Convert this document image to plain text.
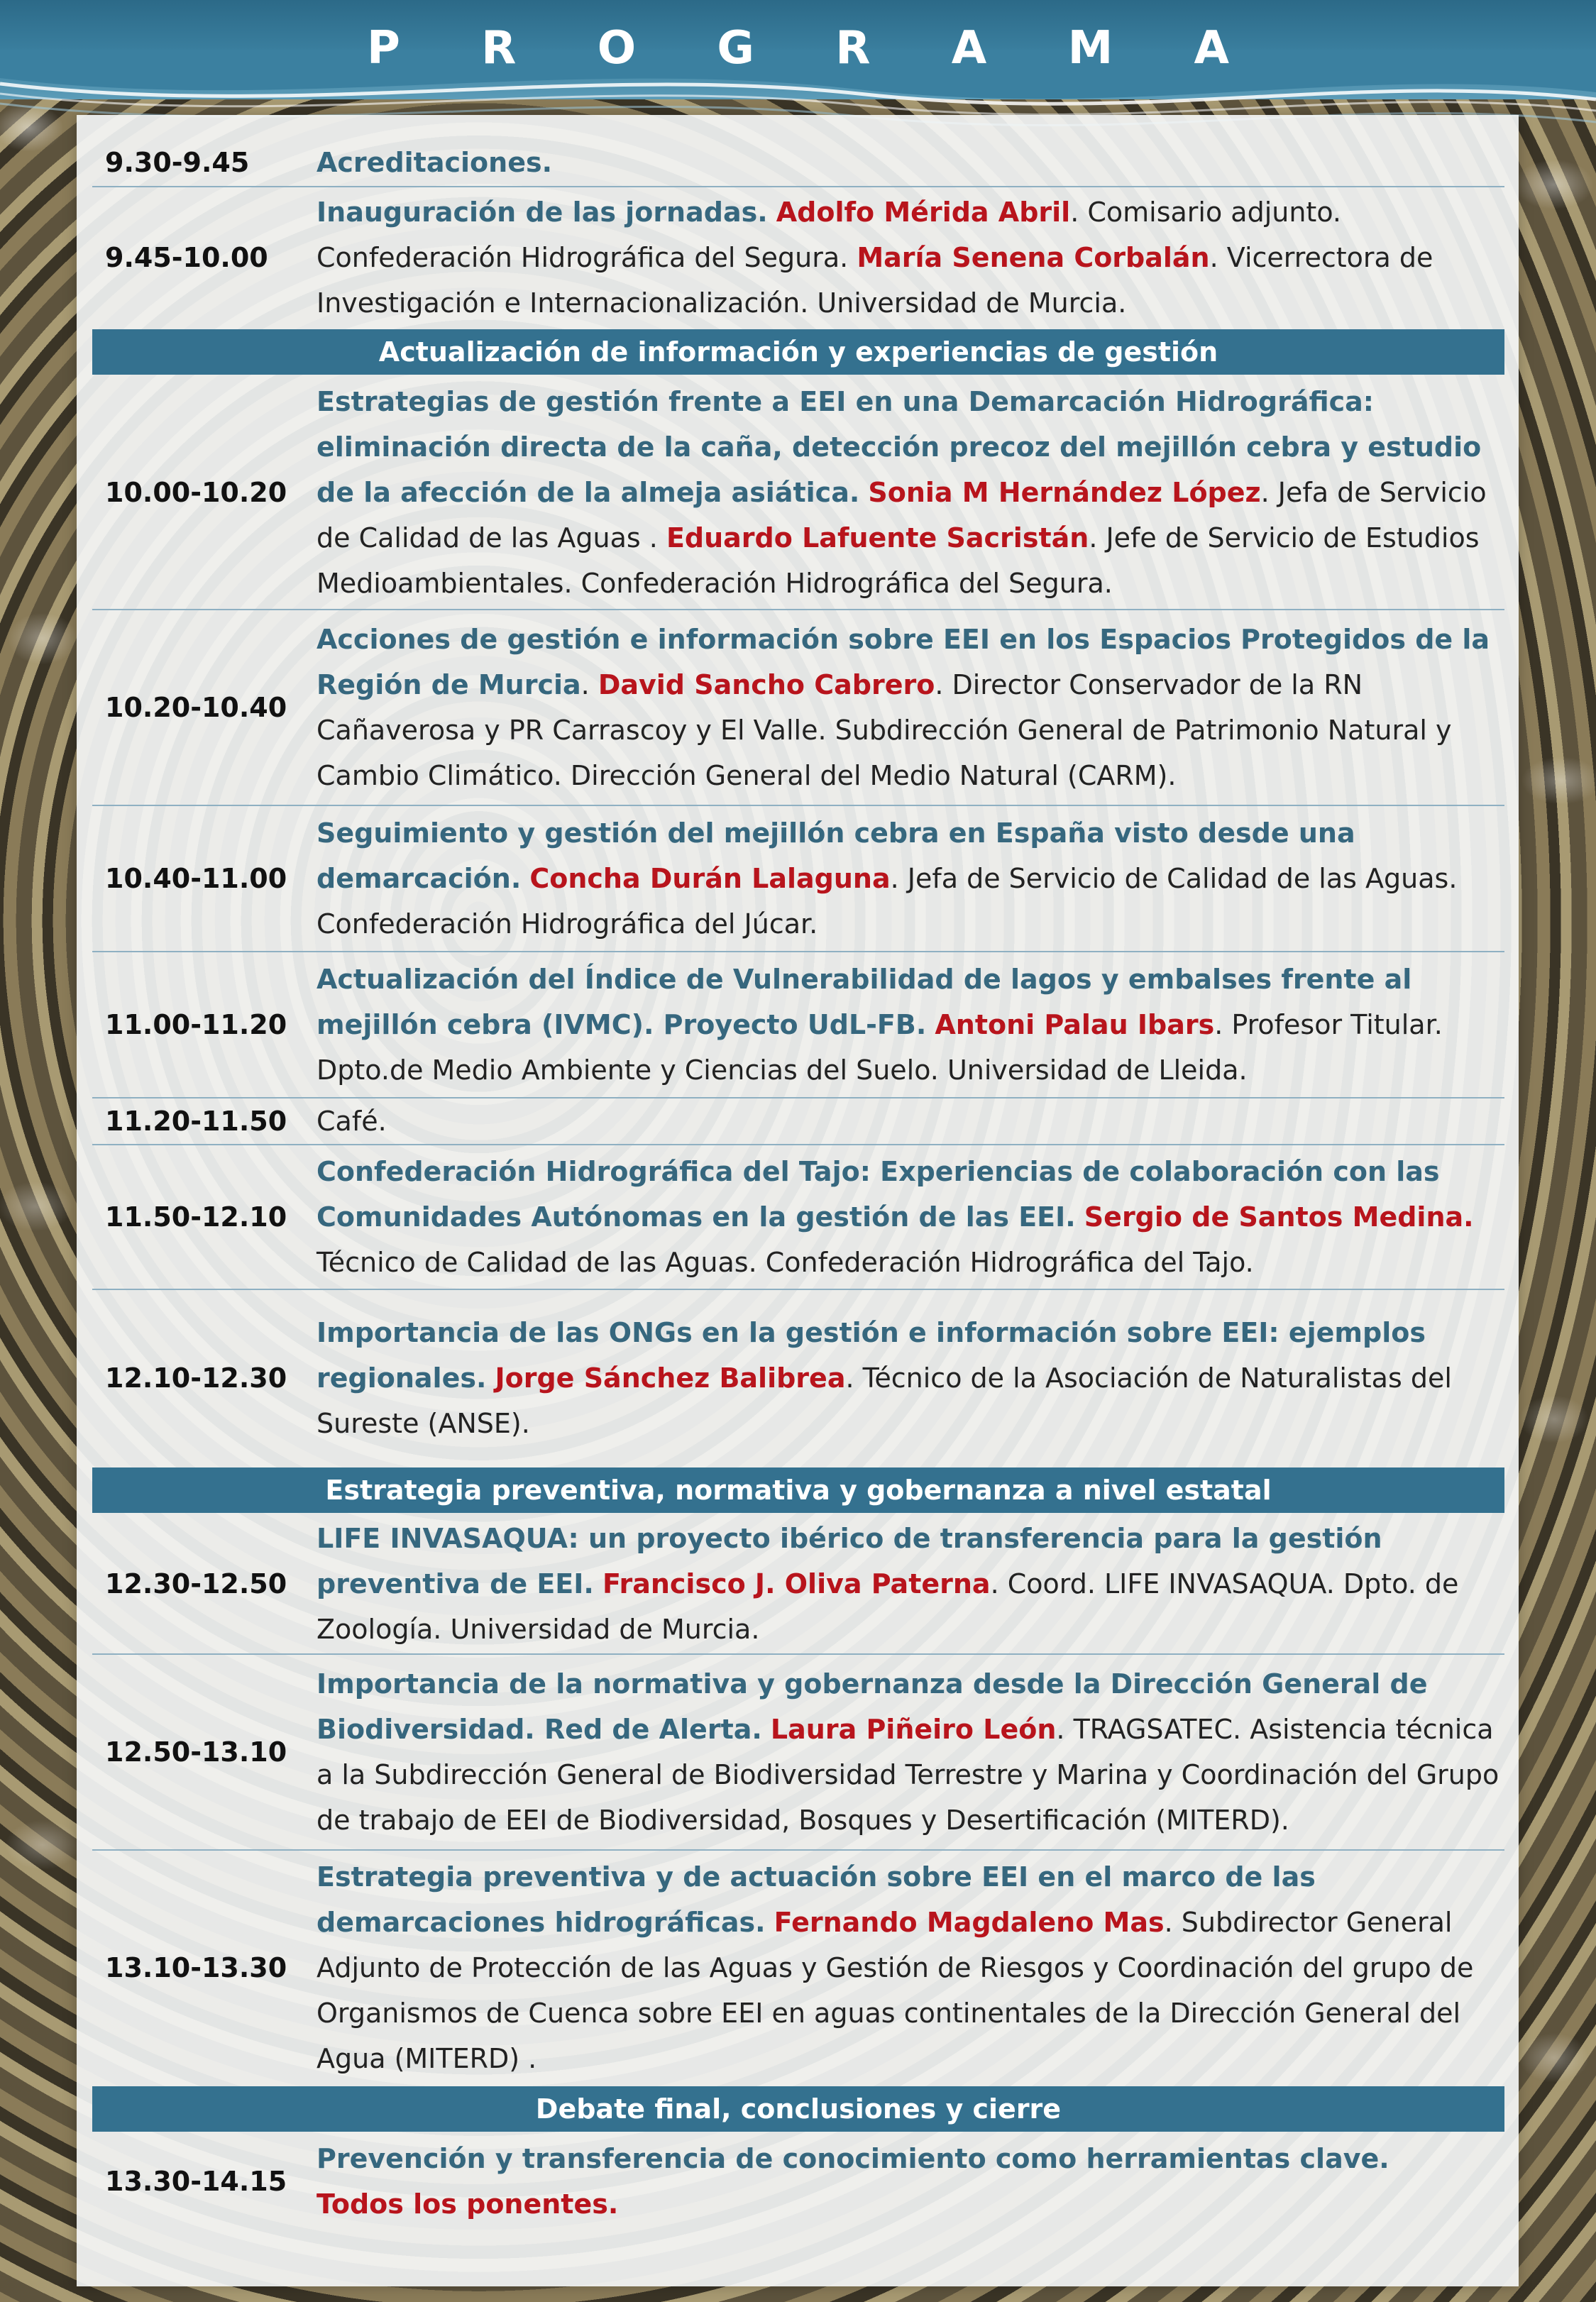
P R O G R A M A
9.30-9.45	Acreditaciones.
9.45-10.00
Inauguración de las jornadas. Adolfo Mérida Abril. Comisario adjunto. Confederación Hidrográfica del Segura. María Senena Corbalán. Vicerrectora de Investigación e Internacionalización. Universidad de Murcia.
Actualización de información y experiencias de gestión
10.00-10.20
Estrategias de gestión frente a EEI en una Demarcación Hidrográfica: eliminación directa de la caña, detección precoz del mejillón cebra y estudio de la afección de la almeja asiática. Sonia M Hernández López. Jefa de Servicio de Calidad de las Aguas . Eduardo Lafuente Sacristán. Jefe de Servicio de Estudios Medioambientales. Confederación Hidrográfica del Segura.
10.20-10.40
Acciones de gestión e información sobre EEI en los Espacios Protegidos de la Región de Murcia. David Sancho Cabrero. Director Conservador de la RN Cañaverosa y PR Carrascoy y El Valle. Subdirección General de Patrimonio Natural y Cambio Climático. Dirección General del Medio Natural (CARM).
10.40-11.00
Seguimiento y gestión del mejillón cebra en España visto desde una demarcación. Concha Durán Lalaguna. Jefa de Servicio de Calidad de las Aguas. Confederación Hidrográfica del Júcar.
11.00-11.20
Actualización del Índice de Vulnerabilidad de lagos y embalses frente al mejillón cebra (IVMC). Proyecto UdL-FB. Antoni Palau Ibars. Profesor Titular. Dpto.de Medio Ambiente y Ciencias del Suelo. Universidad de Lleida.
11.20-11.50	Café.
11.50-12.10
Confederación Hidrográfica del Tajo: Experiencias de colaboración con las Comunidades Autónomas en la gestión de las EEI. Sergio de Santos Medina. Técnico de Calidad de las Aguas. Confederación Hidrográfica del Tajo.
12.10-12.30
Importancia de las ONGs en la gestión e información sobre EEI: ejemplos regionales. Jorge Sánchez Balibrea. Técnico de la Asociación de Naturalistas del Sureste (ANSE).
Estrategia preventiva, normativa y gobernanza a nivel estatal
12.30-12.50
LIFE INVASAQUA: un proyecto ibérico de transferencia para la gestión preventiva de EEI. Francisco J. Oliva Paterna. Coord. LIFE INVASAQUA. Dpto. de Zoología. Universidad de Murcia.
12.50-13.10
Importancia de la normativa y gobernanza desde la Dirección General de Biodiversidad. Red de Alerta. Laura Piñeiro León. TRAGSATEC. Asistencia técnica a la Subdirección General de Biodiversidad Terrestre y Marina y Coordinación del Grupo de trabajo de EEI de Biodiversidad, Bosques y Desertificación (MITERD).
13.10-13.30
Estrategia preventiva y de actuación sobre EEI en el marco de las demarcaciones hidrográficas. Fernando Magdaleno Mas. Subdirector General Adjunto de Protección de las Aguas y Gestión de Riesgos y Coordinación del grupo de Organismos de Cuenca sobre EEI en aguas continentales de la Dirección General del Agua (MITERD) .
Debate final, conclusiones y cierre
13.30-14.15
Prevención y transferencia de conocimiento como herramientas clave.
Todos los ponentes.
